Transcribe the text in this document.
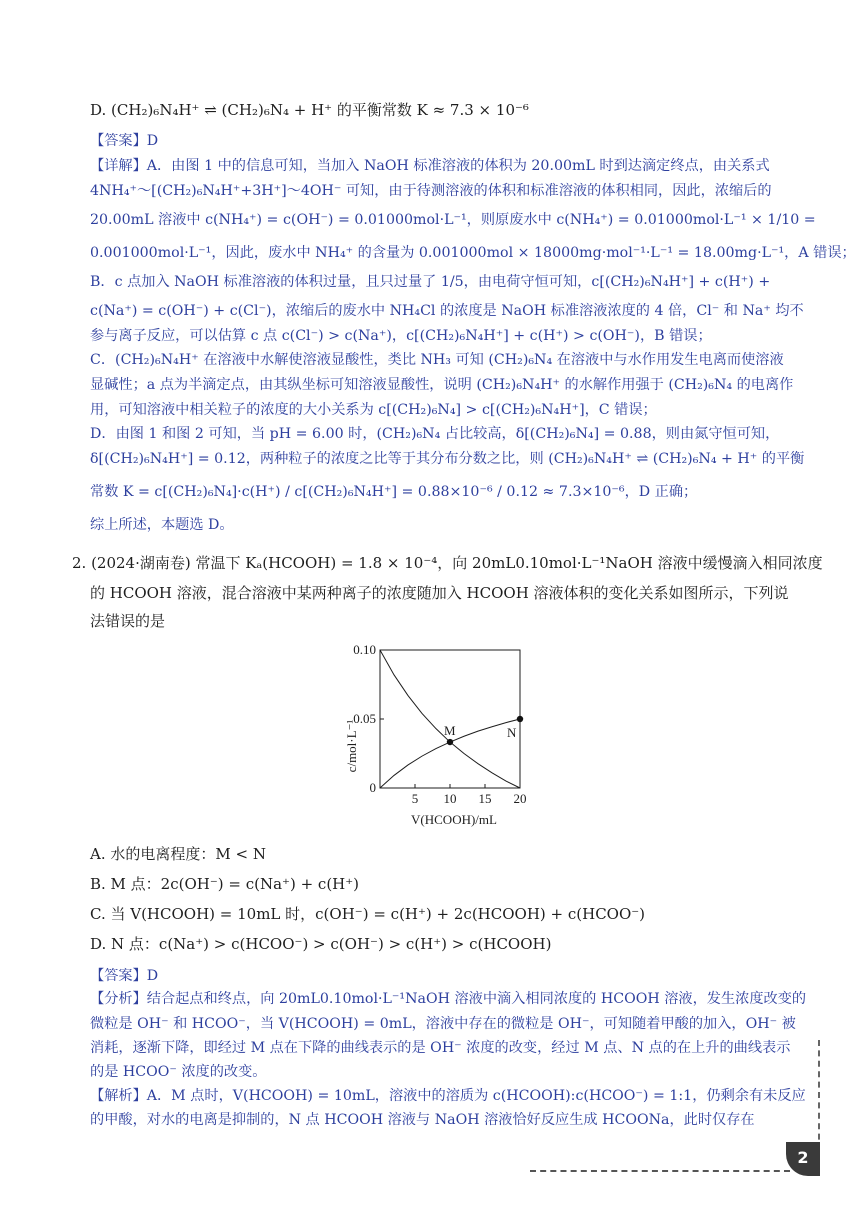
D. (CH₂)₆N₄H⁺ ⇌ (CH₂)₆N₄ + H⁺ 的平衡常数 K ≈ 7.3 × 10⁻⁶
【答案】D
【详解】A．由图 1 中的信息可知，当加入 NaOH 标准溶液的体积为 20.00mL 时到达滴定终点，由关系式
4NH₄⁺～[(CH₂)₆N₄H⁺+3H⁺]～4OH⁻ 可知，由于待测溶液的体积和标准溶液的体积相同，因此，浓缩后的
20.00mL 溶液中 c(NH₄⁺) = c(OH⁻) = 0.01000mol·L⁻¹，则原废水中 c(NH₄⁺) = 0.01000mol·L⁻¹ × 1/10 =
0.001000mol·L⁻¹，因此，废水中 NH₄⁺ 的含量为 0.001000mol × 18000mg·mol⁻¹·L⁻¹ = 18.00mg·L⁻¹，A 错误；
B．c 点加入 NaOH 标准溶液的体积过量，且只过量了 1/5，由电荷守恒可知，c[(CH₂)₆N₄H⁺] + c(H⁺) +
c(Na⁺) = c(OH⁻) + c(Cl⁻)，浓缩后的废水中 NH₄Cl 的浓度是 NaOH 标准溶液浓度的 4 倍，Cl⁻ 和 Na⁺ 均不
参与离子反应，可以估算 c 点 c(Cl⁻) > c(Na⁺)，c[(CH₂)₆N₄H⁺] + c(H⁺) > c(OH⁻)，B 错误；
C．(CH₂)₆N₄H⁺ 在溶液中水解使溶液显酸性，类比 NH₃ 可知 (CH₂)₆N₄ 在溶液中与水作用发生电离而使溶液
显碱性；a 点为半滴定点，由其纵坐标可知溶液显酸性，说明 (CH₂)₆N₄H⁺ 的水解作用强于 (CH₂)₆N₄ 的电离作
用，可知溶液中相关粒子的浓度的大小关系为 c[(CH₂)₆N₄] > c[(CH₂)₆N₄H⁺]，C 错误；
D．由图 1 和图 2 可知，当 pH = 6.00 时，(CH₂)₆N₄ 占比较高，δ[(CH₂)₆N₄] = 0.88，则由氮守恒可知，
δ[(CH₂)₆N₄H⁺] = 0.12，两种粒子的浓度之比等于其分布分数之比，则 (CH₂)₆N₄H⁺ ⇌ (CH₂)₆N₄ + H⁺ 的平衡
常数 K = c[(CH₂)₆N₄]·c(H⁺) / c[(CH₂)₆N₄H⁺] = 0.88×10⁻⁶ / 0.12 ≈ 7.3×10⁻⁶，D 正确；
综上所述，本题选 D。
2. (2024·湖南卷) 常温下 Kₐ(HCOOH) = 1.8 × 10⁻⁴，向 20mL0.10mol·L⁻¹NaOH 溶液中缓慢滴入相同浓度
的 HCOOH 溶液，混合溶液中某两种离子的浓度随加入 HCOOH 溶液体积的变化关系如图所示，下列说
法错误的是
5 10 15 20
0
0.05
0.10
M	N
c/mol·L⁻¹
V(HCOOH)/mL
A. 水的电离程度：M < N
B. M 点：2c(OH⁻) = c(Na⁺) + c(H⁺)
C. 当 V(HCOOH) = 10mL 时，c(OH⁻) = c(H⁺) + 2c(HCOOH) + c(HCOO⁻)
D. N 点：c(Na⁺) > c(HCOO⁻) > c(OH⁻) > c(H⁺) > c(HCOOH)
【答案】D
【分析】结合起点和终点，向 20mL0.10mol·L⁻¹NaOH 溶液中滴入相同浓度的 HCOOH 溶液，发生浓度改变的
微粒是 OH⁻ 和 HCOO⁻，当 V(HCOOH) = 0mL，溶液中存在的微粒是 OH⁻，可知随着甲酸的加入，OH⁻ 被
消耗，逐渐下降，即经过 M 点在下降的曲线表示的是 OH⁻ 浓度的改变，经过 M 点、N 点的在上升的曲线表示
的是 HCOO⁻ 浓度的改变。
【解析】A．M 点时，V(HCOOH) = 10mL，溶液中的溶质为 c(HCOOH):c(HCOO⁻) = 1:1，仍剩余有未反应
的甲酸，对水的电离是抑制的，N 点 HCOOH 溶液与 NaOH 溶液恰好反应生成 HCOONa，此时仅存在
2
